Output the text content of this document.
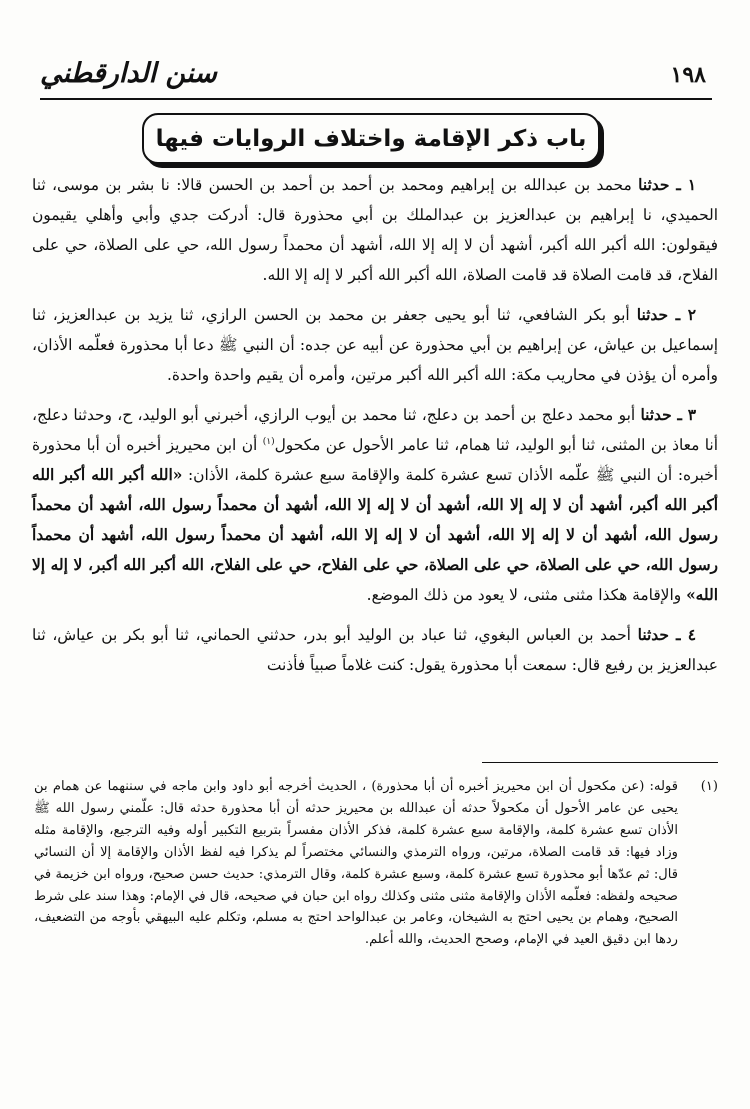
سنن الدارقطني	١٩٨
باب ذكر الإقامة واختلاف الروايات فيها

١ ـ حدثنا محمد بن عبدالله بن إبراهيم ومحمد بن أحمد بن أحمد بن الحسن قالا: نا بشر بن موسى، ثنا الحميدي، نا إبراهيم بن عبدالعزيز بن عبدالملك بن أبي محذورة قال: أدركت جدي وأبي وأهلي يقيمون فيقولون: الله أكبر الله أكبر، أشهد أن لا إله إلا الله، أشهد أن محمداً رسول الله، حي على الصلاة، حي على الفلاح، قد قامت الصلاة قد قامت الصلاة، الله أكبر الله أكبر لا إله إلا الله.

٢ ـ حدثنا أبو بكر الشافعي، ثنا أبو يحيى جعفر بن محمد بن الحسن الرازي، ثنا يزيد بن عبدالعزيز، ثنا إسماعيل بن عياش، عن إبراهيم بن أبي محذورة عن أبيه عن جده: أن النبي ﷺ دعا أبا محذورة فعلّمه الأذان، وأمره أن يؤذن في محاريب مكة: الله أكبر الله أكبر مرتين، وأمره أن يقيم واحدة واحدة.

٣ ـ حدثنا أبو محمد دعلج بن أحمد بن دعلج، ثنا محمد بن أيوب الرازي، أخبرني أبو الوليد، ح، وحدثنا دعلج، أنا معاذ بن المثنى، ثنا أبو الوليد، ثنا همام، ثنا عامر الأحول عن مكحول$^{(١)}$ أن ابن محيريز أخبره أن أبا محذورة أخبره: أن النبي ﷺ علّمه الأذان تسع عشرة كلمة والإقامة سبع عشرة كلمة، الأذان: «الله أكبر الله أكبر الله أكبر الله أكبر، أشهد أن لا إله إلا الله، أشهد أن لا إله إلا الله، أشهد أن محمداً رسول الله، أشهد أن محمداً رسول الله، أشهد أن لا إله إلا الله، أشهد أن لا إله إلا الله، أشهد أن محمداً رسول الله، أشهد أن محمداً رسول الله، حي على الصلاة، حي على الصلاة، حي على الفلاح، حي على الفلاح، الله أكبر الله أكبر، لا إله إلا الله» والإقامة هكذا مثنى مثنى، لا يعود من ذلك الموضع.

٤ ـ حدثنا أحمد بن العباس البغوي، ثنا عباد بن الوليد أبو بدر، حدثني الحماني، ثنا أبو بكر بن عياش، ثنا عبدالعزيز بن رفيع قال: سمعت أبا محذورة يقول: كنت غلاماً صبياً فأذنت

(١)
قوله: (عن مكحول أن ابن محيريز أخبره أن أبا محذورة) ، الحديث أخرجه أبو داود وابن ماجه في سننهما عن همام بن يحيى عن عامر الأحول أن مكحولاً حدثه أن عبدالله بن محيريز حدثه أن أبا محذورة حدثه قال: علّمني رسول الله ﷺ الأذان تسع عشرة كلمة، والإقامة سبع عشرة كلمة، فذكر الأذان مفسراً بتربيع التكبير أوله وفيه الترجيع، والإقامة مثله وزاد فيها: قد قامت الصلاة، مرتين، ورواه الترمذي والنسائي مختصراً لم يذكرا فيه لفظ الأذان والإقامة إلا أن النسائي قال: ثم عدّها أبو محذورة تسع عشرة كلمة، وسبع عشرة كلمة، وقال الترمذي: حديث حسن صحيح، ورواه ابن خزيمة في صحيحه ولفظه: فعلّمه الأذان والإقامة مثنى مثنى وكذلك رواه ابن حبان في صحيحه، قال في الإمام: وهذا سند على شرط الصحيح، وهمام بن يحيى احتج به الشيخان، وعامر بن عبدالواحد احتج به مسلم، وتكلم عليه البيهقي بأوجه من التضعيف، ردها ابن دقيق العيد في الإمام، وصحح الحديث، والله أعلم.
